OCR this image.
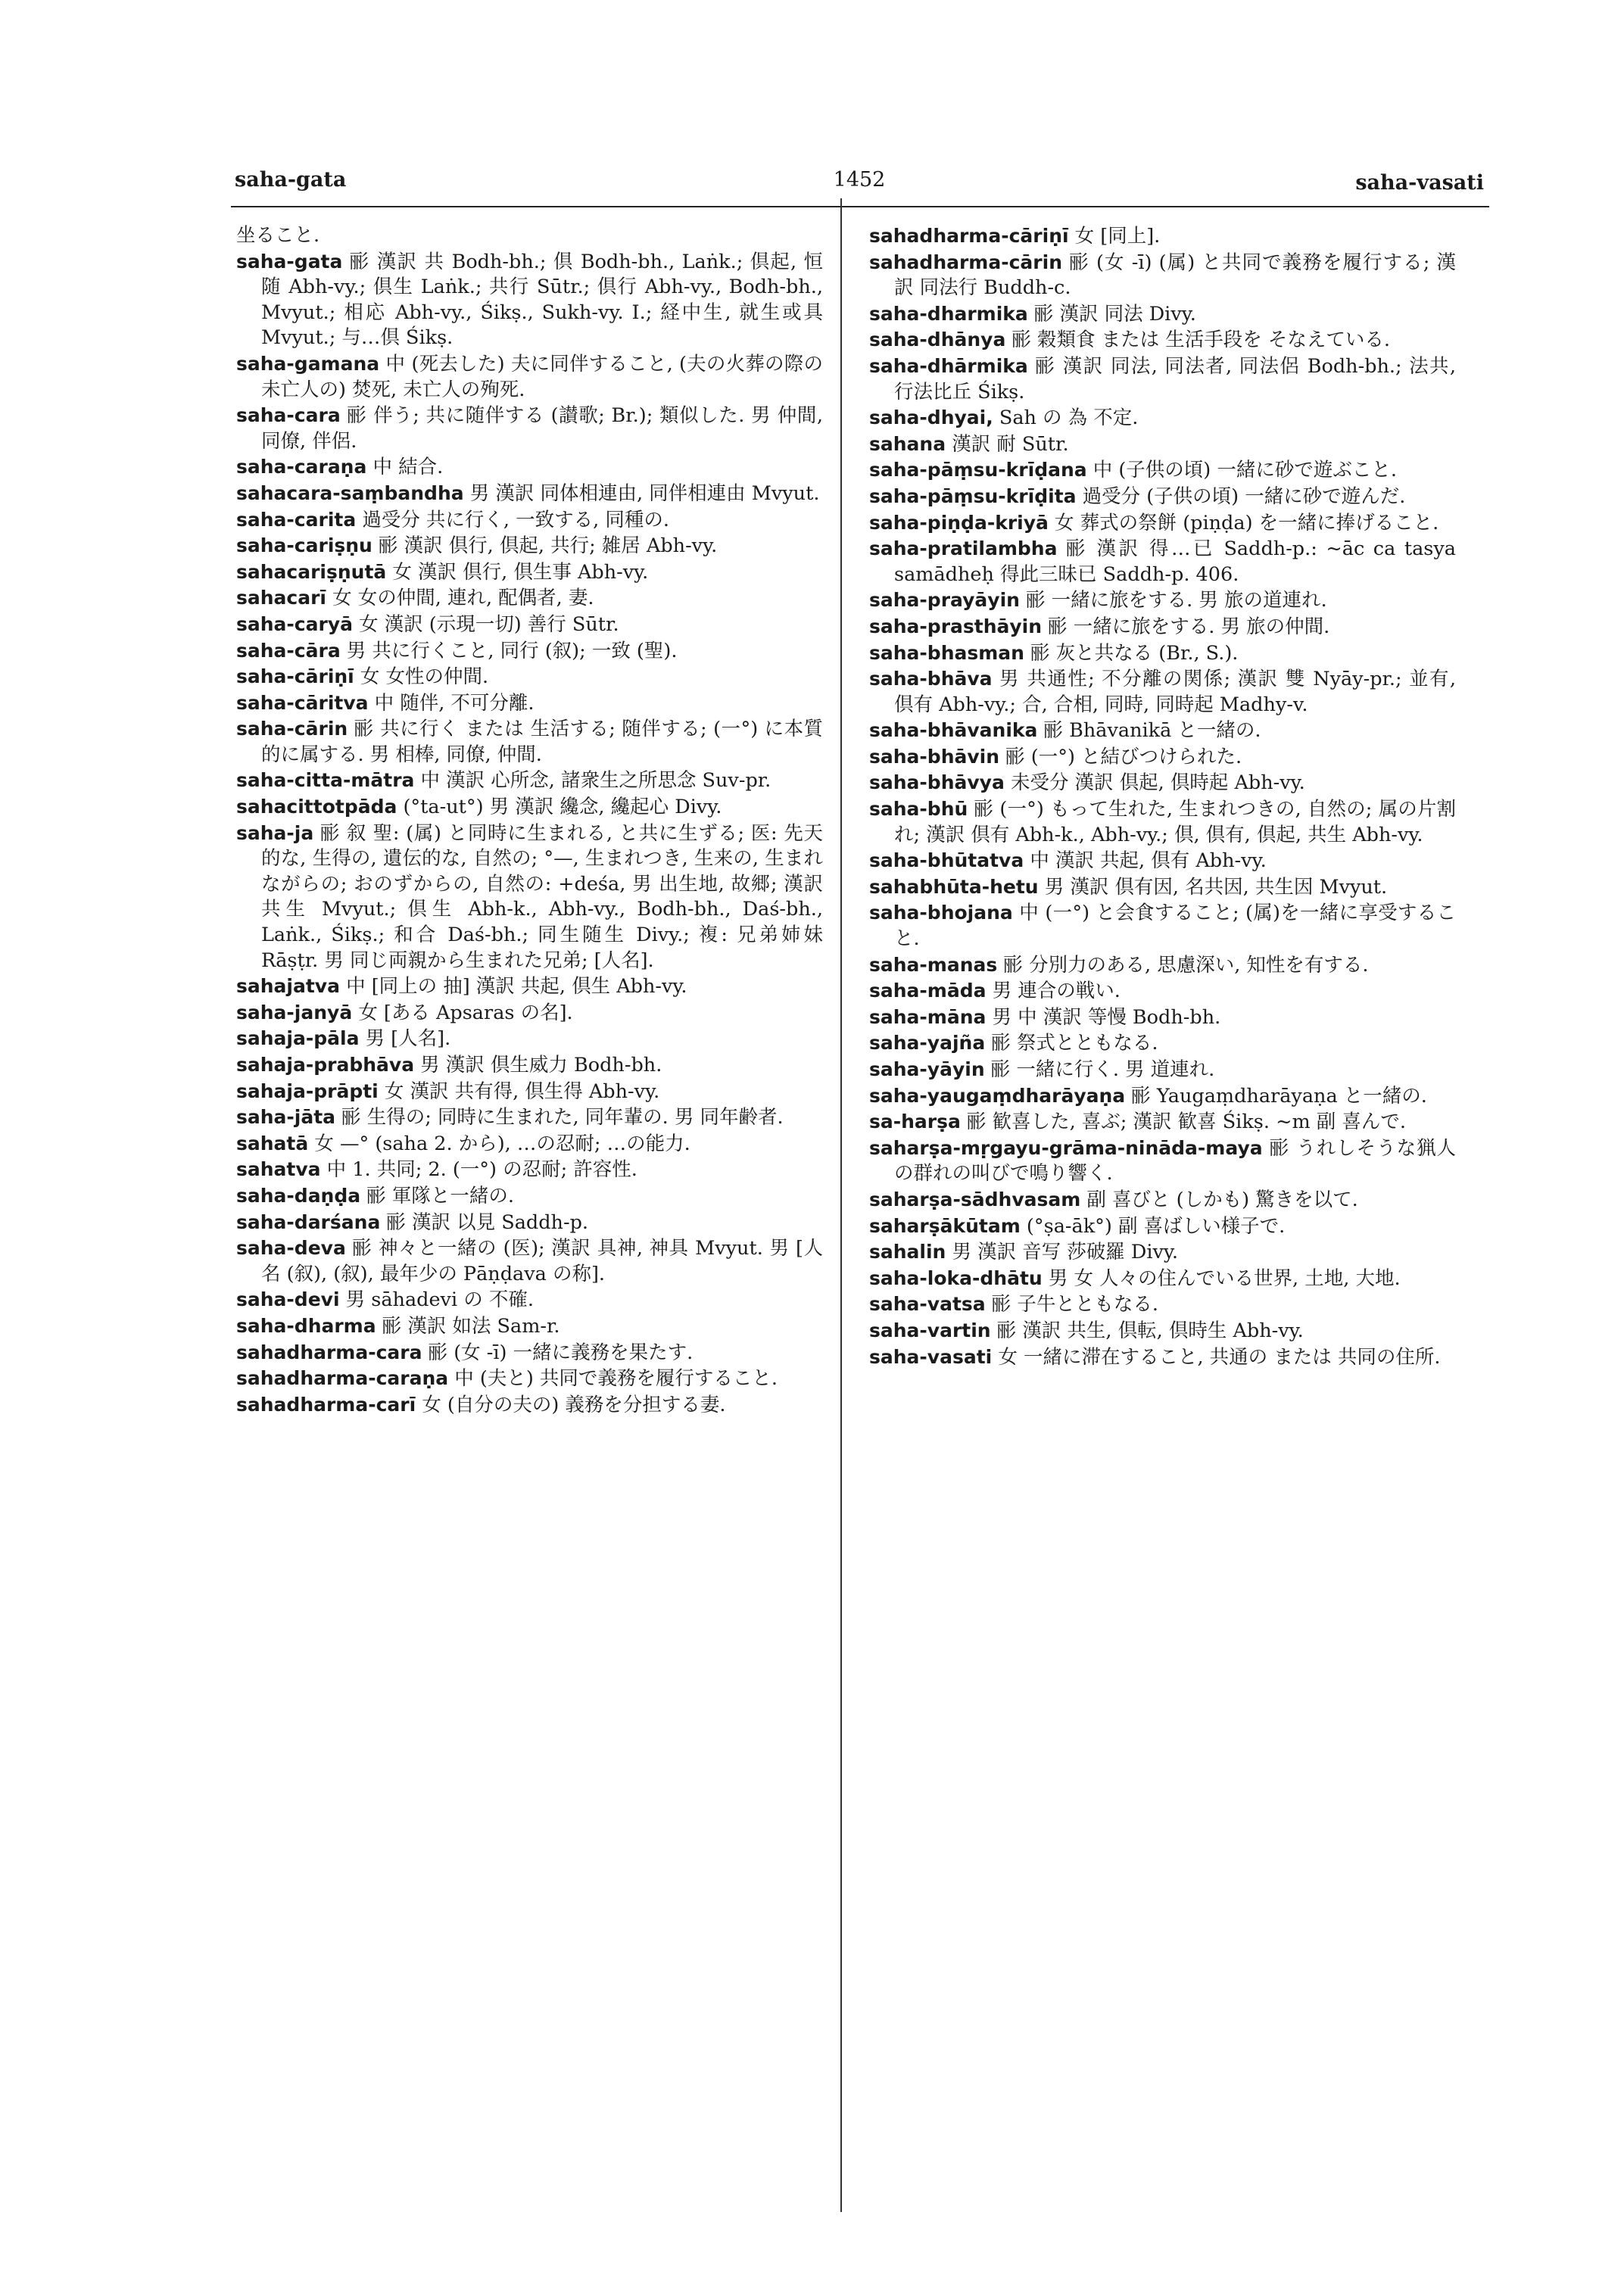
saha-gata	1452	saha-vasati

坐ること.

saha-gata 彨 漢訳 共 Bodh-bh.; 倶 Bodh-bh., Laṅk.; 倶起, 恒随 Abh-vy.; 倶生 Laṅk.; 共行 Sūtr.; 倶行 Abh-vy., Bodh-bh., Mvyut.; 相応 Abh-vy., Śikṣ., Sukh-vy. I.; 経中生, 就生或具 Mvyut.; 与…倶 Śikṣ.

saha-gamana 中 (死去した) 夫に同伴すること, (夫の火葬の際の未亡人の) 焚死, 未亡人の殉死.

saha-cara 彨 伴う; 共に随伴する (讃歌; Br.); 類似した. 男 仲間, 同僚, 伴侶.

saha-caraṇa 中 結合.

sahacara-saṃbandha 男 漢訳 同体相連由, 同伴相連由 Mvyut.

saha-carita 過受分 共に行く, 一致する, 同種の.

saha-cariṣṇu 彨 漢訳 倶行, 倶起, 共行; 雑居 Abh-vy.

sahacariṣṇutā 女 漢訳 倶行, 倶生事 Abh-vy.

sahacarī 女 女の仲間, 連れ, 配偶者, 妻.

saha-caryā 女 漢訳 (示現一切) 善行 Sūtr.

saha-cāra 男 共に行くこと, 同行 (叙); 一致 (聖).

saha-cāriṇī 女 女性の仲間.

saha-cāritva 中 随伴, 不可分離.

saha-cārin 彨 共に行く または 生活する; 随伴する; (一°) に本質的に属する. 男 相棒, 同僚, 仲間.

saha-citta-mātra 中 漢訳 心所念, 諸衆生之所思念 Suv-pr.

sahacittotpāda (°ta-ut°) 男 漢訳 纔念, 纔起心 Divy.

saha-ja 彨 叙 聖: (属) と同時に生まれる, と共に生ずる; 医: 先天的な, 生得の, 遺伝的な, 自然の; °—, 生まれつき, 生来の, 生まれながらの; おのずからの, 自然の: +deśa, 男 出生地, 故郷; 漢訳 共生 Mvyut.; 倶生 Abh-k., Abh-vy., Bodh-bh., Daś-bh., Laṅk., Śikṣ.; 和合 Daś-bh.; 同生随生 Divy.; 複: 兄弟姉妹 Rāṣṭr. 男 同じ両親から生まれた兄弟; [人名].

sahajatva 中 [同上の 抽] 漢訳 共起, 倶生 Abh-vy.

saha-janyā 女 [ある Apsaras の名].

sahaja-pāla 男 [人名].

sahaja-prabhāva 男 漢訳 倶生威力 Bodh-bh.

sahaja-prāpti 女 漢訳 共有得, 倶生得 Abh-vy.

saha-jāta 彨 生得の; 同時に生まれた, 同年輩の. 男 同年齢者.

sahatā 女 —° (saha 2. から), …の忍耐; …の能力.

sahatva 中 1. 共同; 2. (一°) の忍耐; 許容性.

saha-daṇḍa 彨 軍隊と一緒の.

saha-darśana 彨 漢訳 以見 Saddh-p.

saha-deva 彨 神々と一緒の (医); 漢訳 具神, 神具 Mvyut. 男 [人名 (叙), (叙), 最年少の Pāṇḍava の称].

saha-devi 男 sāhadevi の 不確.

saha-dharma 彨 漢訳 如法 Sam-r.

sahadharma-cara 彨 (女 -ī) 一緒に義務を果たす.

sahadharma-caraṇa 中 (夫と) 共同で義務を履行すること.

sahadharma-carī 女 (自分の夫の) 義務を分担する妻.

sahadharma-cāriṇī 女 [同上].

sahadharma-cārin 彨 (女 -ī) (属) と共同で義務を履行する; 漢訳 同法行 Buddh-c.

saha-dharmika 彨 漢訳 同法 Divy.

saha-dhānya 彨 穀類食 または 生活手段を そなえている.

saha-dhārmika 彨 漢訳 同法, 同法者, 同法侶 Bodh-bh.; 法共, 行法比丘 Śikṣ.

saha-dhyai, Sah の 為 不定.

sahana 漢訳 耐 Sūtr.

saha-pāṃsu-krīḍana 中 (子供の頃) 一緒に砂で遊ぶこと.

saha-pāṃsu-krīḍita 過受分 (子供の頃) 一緒に砂で遊んだ.

saha-piṇḍa-kriyā 女 葬式の祭餅 (piṇḍa) を一緒に捧げること.

saha-pratilambha 彨 漢訳 得…已 Saddh-p.: ~āc ca tasya samādheḥ 得此三昧已 Saddh-p. 406.

saha-prayāyin 彨 一緒に旅をする. 男 旅の道連れ.

saha-prasthāyin 彨 一緒に旅をする. 男 旅の仲間.

saha-bhasman 彨 灰と共なる (Br., S.).

saha-bhāva 男 共通性; 不分離の関係; 漢訳 雙 Nyāy-pr.; 並有, 倶有 Abh-vy.; 合, 合相, 同時, 同時起 Madhy-v.

saha-bhāvanika 彨 Bhāvanikā と一緒の.

saha-bhāvin 彨 (一°) と結びつけられた.

saha-bhāvya 未受分 漢訳 倶起, 倶時起 Abh-vy.

saha-bhū 彨 (一°) もって生れた, 生まれつきの, 自然の; 属の片割れ; 漢訳 倶有 Abh-k., Abh-vy.; 倶, 倶有, 倶起, 共生 Abh-vy.

saha-bhūtatva 中 漢訳 共起, 倶有 Abh-vy.

sahabhūta-hetu 男 漢訳 倶有因, 名共因, 共生因 Mvyut.

saha-bhojana 中 (一°) と会食すること; (属)を一緒に享受すること.

saha-manas 彨 分別力のある, 思慮深い, 知性を有する.

saha-māda 男 連合の戦い.

saha-māna 男 中 漢訳 等慢 Bodh-bh.

saha-yajña 彨 祭式とともなる.

saha-yāyin 彨 一緒に行く. 男 道連れ.

saha-yaugaṃdharāyaṇa 彨 Yaugaṃdharāyaṇa と一緒の.

sa-harṣa 彨 歓喜した, 喜ぶ; 漢訳 歓喜 Śikṣ. ~m 副 喜んで.

saharṣa-mṛgayu-grāma-ninādа-maya 彨 うれしそうな猟人の群れの叫びで鳴り響く.

saharṣa-sādhvasam 副 喜びと (しかも) 驚きを以て.

saharṣākūtam (°ṣa-āk°) 副 喜ばしい様子で.

sahalin 男 漢訳 音写 莎破羅 Divy.

saha-loka-dhātu 男 女 人々の住んでいる世界, 土地, 大地.

saha-vatsa 彨 子牛とともなる.

saha-vartin 彨 漢訳 共生, 倶転, 倶時生 Abh-vy.

saha-vasati 女 一緒に滞在すること, 共通の または 共同の住所.
